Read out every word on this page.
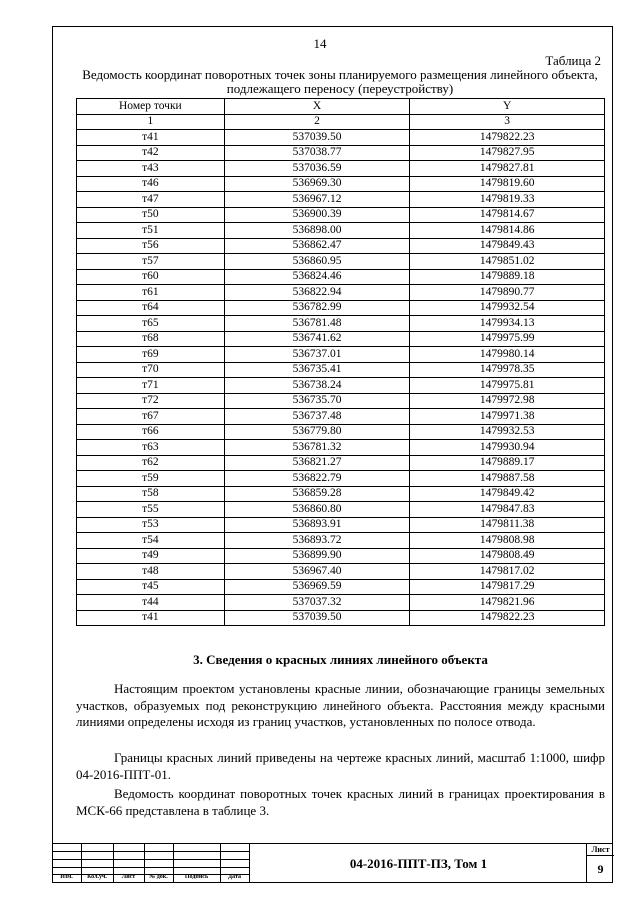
14
Таблица 2
Ведомость координат поворотных точек зоны планируемого размещения линейного объекта, подлежащего переносу (переустройству)
Номер точки	X	Y
1	2	3
т41	537039.50	1479822.23
т42	537038.77	1479827.95
т43	537036.59	1479827.81
т46	536969.30	1479819.60
т47	536967.12	1479819.33
т50	536900.39	1479814.67
т51	536898.00	1479814.86
т56	536862.47	1479849.43
т57	536860.95	1479851.02
т60	536824.46	1479889.18
т61	536822.94	1479890.77
т64	536782.99	1479932.54
т65	536781.48	1479934.13
т68	536741.62	1479975.99
т69	536737.01	1479980.14
т70	536735.41	1479978.35
т71	536738.24	1479975.81
т72	536735.70	1479972.98
т67	536737.48	1479971.38
т66	536779.80	1479932.53
т63	536781.32	1479930.94
т62	536821.27	1479889.17
т59	536822.79	1479887.58
т58	536859.28	1479849.42
т55	536860.80	1479847.83
т53	536893.91	1479811.38
т54	536893.72	1479808.98
т49	536899.90	1479808.49
т48	536967.40	1479817.02
т45	536969.59	1479817.29
т44	537037.32	1479821.96
т41	537039.50	1479822.23
3. Сведения о красных линиях линейного объекта

Настоящим проектом установлены красные линии, обозначающие границы земельных участков, образуемых под реконструкцию линейного объекта. Расстояния между красными линиями определены исходя из границ участков, установленных по полосе отвода.

Границы красных линий приведены на чертеже красных линий, масштаб 1:1000, шифр 04-2016-ППТ-01.

Ведомость координат поворотных точек красных линий в границах проектирования в МСК-66 представлена в таблице 3.

Изм.	Кол.уч.	Лист	№ док.	Подпись	Дата
04-2016-ППТ-ПЗ, Том 1
Лист
9
